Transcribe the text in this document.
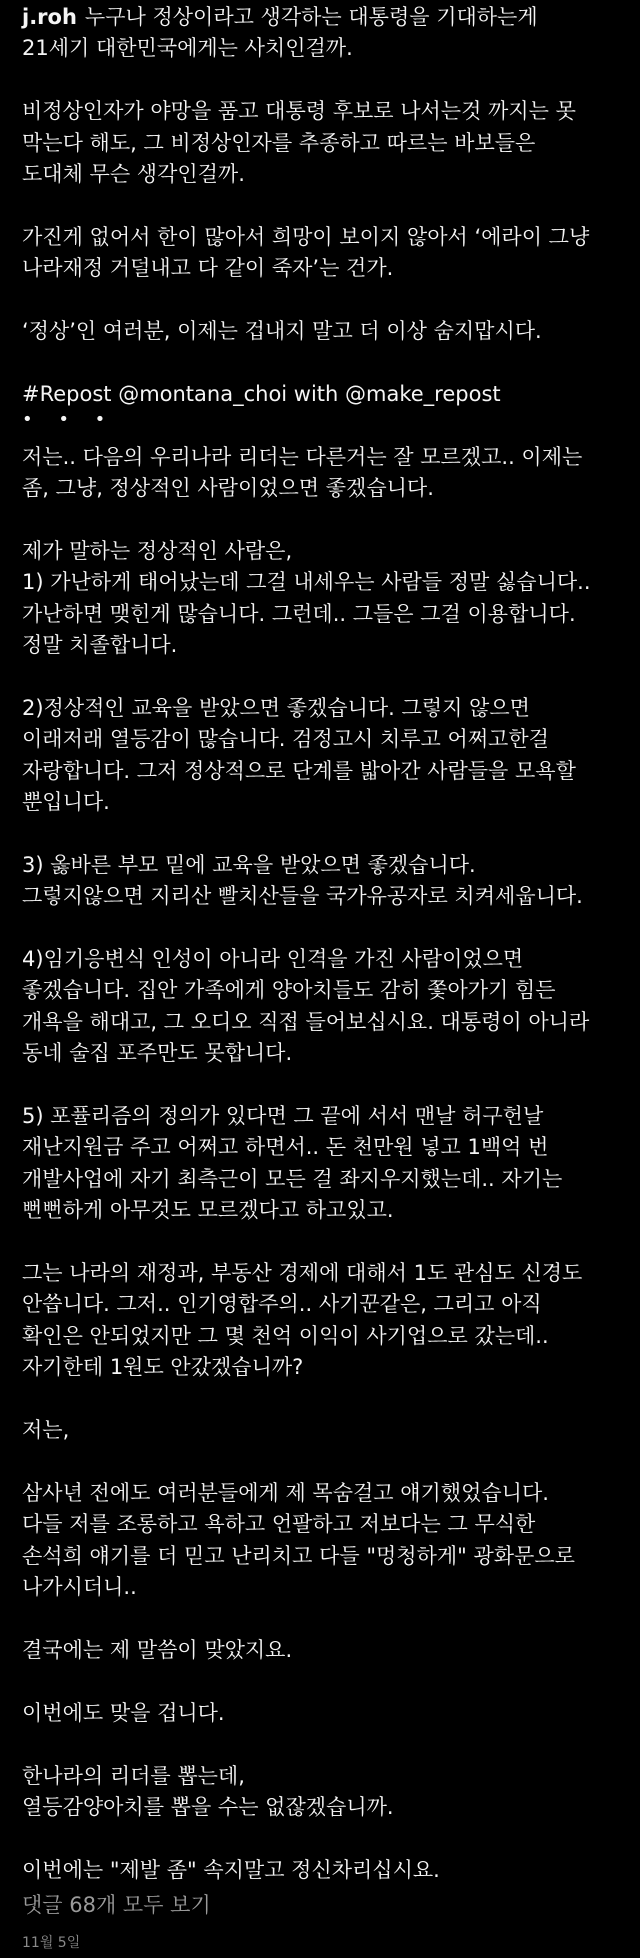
j.roh 누구나 정상이라고 생각하는 대통령을 기대하는게
21세기 대한민국에게는 사치인걸까.
비정상인자가 야망을 품고 대통령 후보로 나서는것 까지는 못
막는다 해도, 그 비정상인자를 추종하고 따르는 바보들은
도대체 무슨 생각인걸까.
가진게 없어서 한이 많아서 희망이 보이지 않아서 ‘에라이 그냥
나라재정 거덜내고 다 같이 죽자’는 건가.
‘정상’인 여러분, 이제는 겁내지 말고 더 이상 숨지맙시다.
#Repost @montana_choi with @make_repost
• • •
저는.. 다음의 우리나라 리더는 다른거는 잘 모르겠고.. 이제는
좀, 그냥, 정상적인 사람이었으면 좋겠습니다.
제가 말하는 정상적인 사람은,
1) 가난하게 태어났는데 그걸 내세우는 사람들 정말 싫습니다..
가난하면 맺힌게 많습니다. 그런데.. 그들은 그걸 이용합니다.
정말 치졸합니다.
2)정상적인 교육을 받았으면 좋겠습니다. 그렇지 않으면
이래저래 열등감이 많습니다. 검정고시 치루고 어쩌고한걸
자랑합니다. 그저 정상적으로 단계를 밟아간 사람들을 모욕할
뿐입니다.
3) 옳바른 부모 밑에 교육을 받았으면 좋겠습니다.
그렇지않으면 지리산 빨치산들을 국가유공자로 치켜세웁니다.
4)임기응변식 인성이 아니라 인격을 가진 사람이었으면
좋겠습니다. 집안 가족에게 양아치들도 감히 쫓아가기 힘든
개욕을 해대고, 그 오디오 직접 들어보십시요. 대통령이 아니라
동네 술집 포주만도 못합니다.
5) 포퓰리즘의 정의가 있다면 그 끝에 서서 맨날 허구헌날
재난지원금 주고 어쩌고 하면서.. 돈 천만원 넣고 1백억 번
개발사업에 자기 최측근이 모든 걸 좌지우지했는데.. 자기는
뻔뻔하게 아무것도 모르겠다고 하고있고.
그는 나라의 재정과, 부동산 경제에 대해서 1도 관심도 신경도
안씁니다. 그저.. 인기영합주의.. 사기꾼같은, 그리고 아직
확인은 안되었지만 그 몇 천억 이익이 사기업으로 갔는데..
자기한테 1원도 안갔겠습니까?
저는,
삼사년 전에도 여러분들에게 제 목숨걸고 얘기했었습니다.
다들 저를 조롱하고 욕하고 언팔하고 저보다는 그 무식한
손석희 얘기를 더 믿고 난리치고 다들 "멍청하게" 광화문으로
나가시더니..
결국에는 제 말씀이 맞았지요.
이번에도 맞을 겁니다.
한나라의 리더를 뽑는데,
열등감양아치를 뽑을 수는 없잖겠습니까.
이번에는 "제발 좀" 속지말고 정신차리십시요.
댓글 68개 모두 보기
11월 5일
